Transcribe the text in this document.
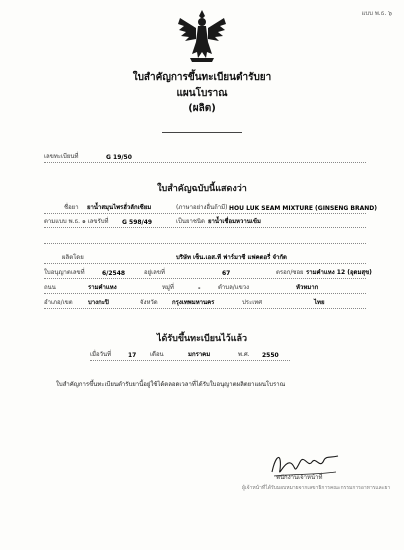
แบบ พ.ธ. ๖
ใบสำคัญการขึ้นทะเบียนตำรับยา
แผนโบราณ
(ผลิต)
เลขทะเบียนที่	G 19/50
ใบสำคัญฉบับนี้แสดงว่า
ชื่อยา ยาน้ำสมุนไพรฮั่วลักเซียม	(ภาษาอย่างอื่นถ้ามี) HOU LUK SEAM MIXTURE (GINSENG BRAND)
ตามแบบ พ.ธ. ๑ เลขรับที่ G 598/49	เป็นยาชนิด ยาน้ำเชื่อมหวานเข้ม
ผลิตโดย	บริษัท เซ็น.เอส.ที ฟาร์มาซี แฟคตอรี่ จำกัด
ใบอนุญาตเลขที่	6/2548	อยู่เลขที่	67	ตรอก/ซอย รามคำแหง 12 (อุดมสุข)
ถนน	รามคำแหง	หมู่ที่	-	ตำบล/แขวง	หัวหมาก
อำเภอ/เขต	บางกะปิ	จังหวัด กรุงเทพมหานคร	ประเทศ	ไทย
ได้รับขึ้นทะเบียนไว้แล้ว
เมื่อวันที่	17 เดือน	มกราคม	พ.ศ. 2550
ใบสำคัญการขึ้นทะเบียนตำรับยานี้อยู่ใช้ได้ตลอดเวลาที่ได้รับใบอนุญาตผลิตยาแผนโบราณ
พนักงานเจ้าหน้าที่
ผู้เจ้าหน้าที่ได้รับมอบหมายจากเลขาธิการคณะกรรมการอาหารและยา
